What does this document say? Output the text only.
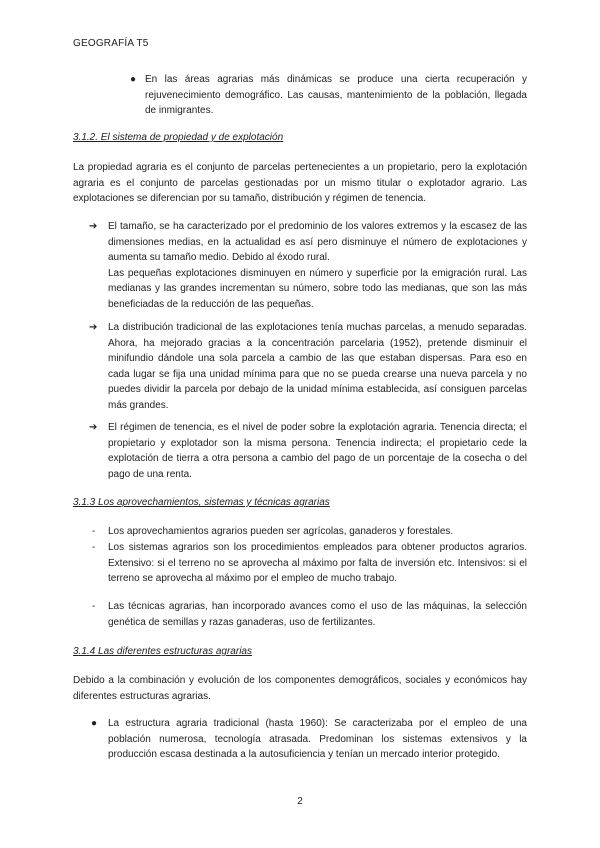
GEOGRAFÍA T5
● En las áreas agrarias más dinámicas se produce una cierta recuperación y rejuvenecimiento demográfico. Las causas, mantenimiento de la población, llegada de inmigrantes.
3.1.2. El sistema de propiedad y de explotación
La propiedad agraria es el conjunto de parcelas pertenecientes a un propietario, pero la explotación agraria es el conjunto de parcelas gestionadas por un mismo titular o explotador agrario. Las explotaciones se diferencian por su tamaño, distribución y régimen de tenencia.
➔ El tamaño, se ha caracterizado por el predominio de los valores extremos y la escasez de las dimensiones medias, en la actualidad es así pero disminuye el número de explotaciones y aumenta su tamaño medio. Debido al éxodo rural.

Las pequeñas explotaciones disminuyen en número y superficie por la emigración rural. Las medianas y las grandes incrementan su número, sobre todo las medianas, que son las más beneficiadas de la reducción de las pequeñas.

➔ La distribución tradicional de las explotaciones tenía muchas parcelas, a menudo separadas. Ahora, ha mejorado gracias a la concentración parcelaria (1952), pretende disminuir el minifundio dándole una sola parcela a cambio de las que estaban dispersas. Para eso en cada lugar se fija una unidad mínima para que no se pueda crearse una nueva parcela y no puedes dividir la parcela por debajo de la unidad mínima establecida, así consiguen parcelas más grandes.

➔ El régimen de tenencia, es el nivel de poder sobre la explotación agraria. Tenencia directa; el propietario y explotador son la misma persona. Tenencia indirecta; el propietario cede la explotación de tierra a otra persona a cambio del pago de un porcentaje de la cosecha o del pago de una renta.

3.1.3 Los aprovechamientos, sistemas y técnicas agrarias
- Los aprovechamientos agrarios pueden ser agrícolas, ganaderos y forestales.
- Los sistemas agrarios son los procedimientos empleados para obtener productos agrarios. Extensivo: si el terreno no se aprovecha al máximo por falta de inversión etc. Intensivos: si el terreno se aprovecha al máximo por el empleo de mucho trabajo.
- Las técnicas agrarias, han incorporado avances como el uso de las máquinas, la selección genética de semillas y razas ganaderas, uso de fertilizantes.
3.1.4 Las diferentes estructuras agrarias
Debido a la combinación y evolución de los componentes demográficos, sociales y económicos hay diferentes estructuras agrarias.
● La estructura agraria tradicional (hasta 1960): Se caracterizaba por el empleo de una población numerosa, tecnología atrasada. Predominan los sistemas extensivos y la producción escasa destinada a la autosuficiencia y tenían un mercado interior protegido.
2
